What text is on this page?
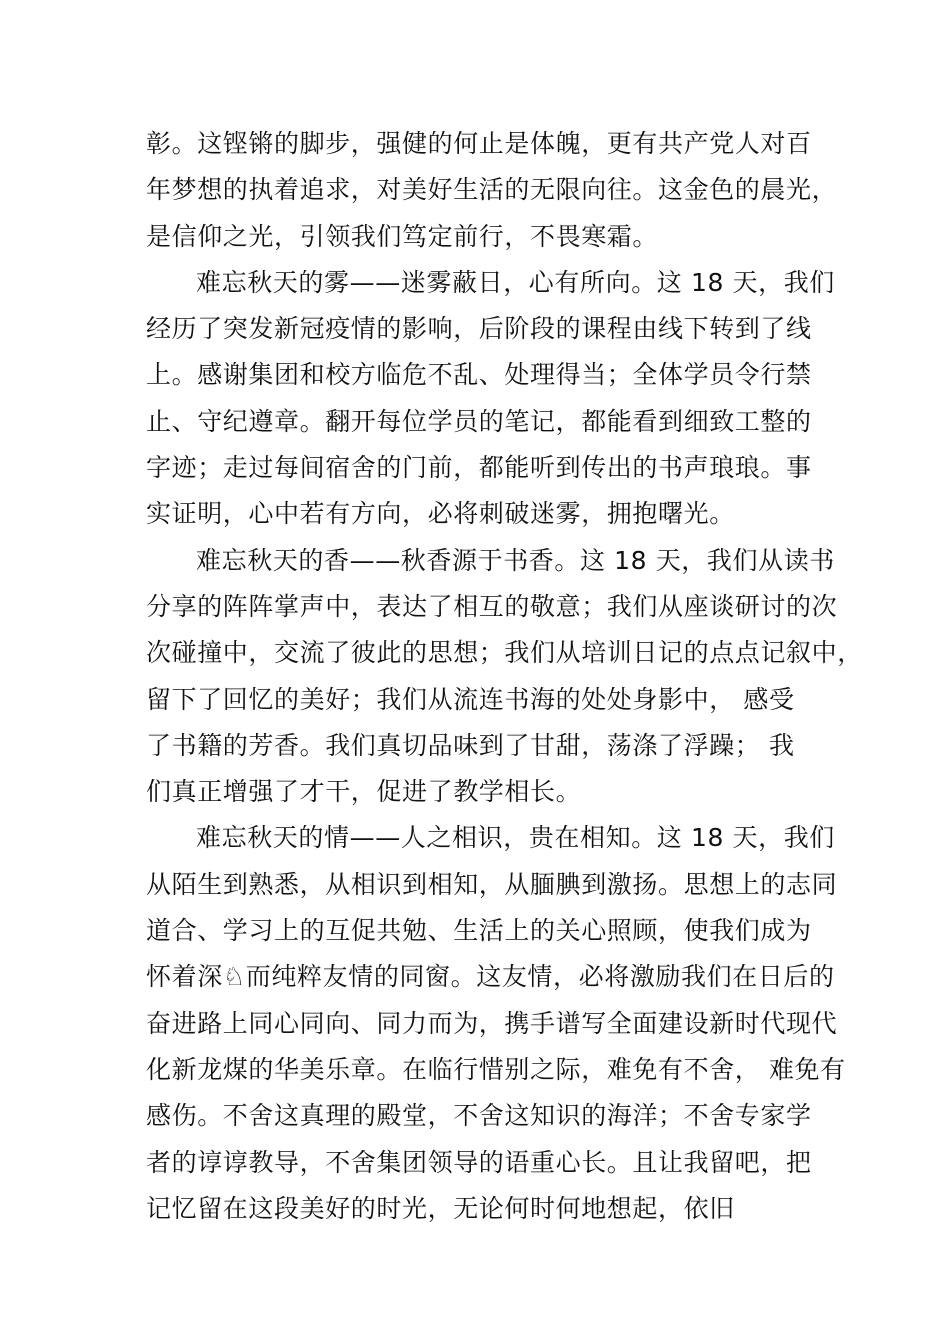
彰。这铿锵的脚步，强健的何止是体魄，更有共产党人对百
年梦想的执着追求，对美好生活的无限向往。这金色的晨光，
是信仰之光，引领我们笃定前行，不畏寒霜。
难忘秋天的雾——迷雾蔽日，心有所向。这 18 天，我们
经历了突发新冠疫情的影响，后阶段的课程由线下转到了线
上。感谢集团和校方临危不乱、处理得当；全体学员令行禁
止、守纪遵章。翻开每位学员的笔记，都能看到细致工整的
字迹；走过每间宿舍的门前，都能听到传出的书声琅琅。事
实证明，心中若有方向，必将刺破迷雾，拥抱曙光。
难忘秋天的香——秋香源于书香。这 18 天，我们从读书
分享的阵阵掌声中，表达了相互的敬意；我们从座谈研讨的次
次碰撞中，交流了彼此的思想；我们从培训日记的点点记叙中，
留下了回忆的美好；我们从流连书海的处处身影中， 感受
了书籍的芳香。我们真切品味到了甘甜，荡涤了浮躁； 我
们真正增强了才干，促进了教学相长。
难忘秋天的情——人之相识，贵在相知。这 18 天，我们
从陌生到熟悉，从相识到相知，从腼腆到激扬。思想上的志同
道合、学习上的互促共勉、生活上的关心照顾，使我们成为
怀着深♘而纯粹友情的同窗。这友情，必将激励我们在日后的
奋进路上同心同向、同力而为，携手谱写全面建设新时代现代
化新龙煤的华美乐章。在临行惜别之际，难免有不舍， 难免有
感伤。不舍这真理的殿堂，不舍这知识的海洋；不舍专家学
者的谆谆教导，不舍集团领导的语重心长。且让我留吧，把
记忆留在这段美好的时光，无论何时何地想起，依旧
